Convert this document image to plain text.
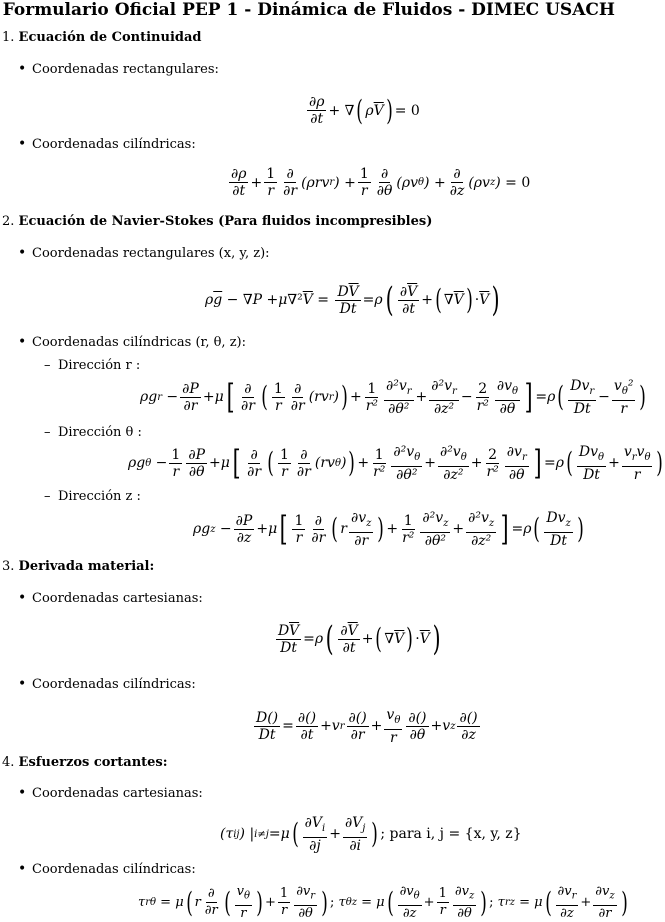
Formulario Oficial PEP 1 - Dinámica de Fluidos - DIMEC USACH
1. Ecuación de Continuidad
• Coordenadas rectangulares:
∂ρ
∂t
+ ∇ ( ρ $\overline{V}$ ) = 0
• Coordenadas cilíndricas:
∂ρ
∂t
+ $\frac{1}{r}$ ∂
∂r
(ρrv r ) + $\frac{1}{r}$ ∂
∂θ
(ρv θ ) +
∂
∂z
(ρv z ) = 0
2. Ecuación de Navier-Stokes (Para fluidos incompresibles)
• Coordenadas rectangulares (x, y, z):
ρ $\overline{g}$ − ∇ P + μ ∇² $\overline{V} = \frac{D\overline{V}}{Dt} = \rho$ ( $\partial\overline{V}$
∂t
+ ( ∇ $\overline{V}$ ) · $\overline{V}$ )
• Coordenadas cilíndricas (r, θ, z):
– Dirección r :
ρg $r - \frac{\partial P}{\partial r} + \mu$ [ ∂
∂r ( 1
r
∂
∂r
(rv r ) ) + $\frac{1}{\text{r²}} \partial^2v_r$
∂θ²
+ $\frac{\partial^2v_r}{\text{∂z²}} - \frac{2}{\text{r²}} \partial v_\theta$
∂θ ] = ρ ( $Dv_r$
Dt
− $\frac{v_\theta^2}{r}$ )
– Dirección θ :
ρg $\theta - \frac{1}{r} \partial P$
∂θ
+ μ [ ∂
∂r ( 1
r
∂
∂r
(rv θ ) ) + $\frac{1}{\text{r²}} \partial^2v_\theta$
∂θ²
+ $\frac{\partial^2v_\theta}{\text{∂z²}} + \frac{2}{\text{r²}} \partial v_r$
∂θ ] = ρ ( $Dv_\theta$
Dt
+
$v_rv_\theta$
r )
– Dirección z :
ρg $z - \frac{\partial P}{\partial z} + \mu$ [ 1
r
∂
∂r ( r
$\partial v_z$
∂r ) + $\frac{1}{\text{r²}} \partial^2v_z$
∂θ²
+ $\frac{\partial^2v_z}{\text{∂z²}}$ ] = ρ ( $Dv_z$
Dt )
3. Derivada material:
• Coordenadas cartesianas:
$\frac{D\overline{V}}{Dt} = \rho$ ( $\partial\overline{V}$
∂t
+ ( ∇ $\overline{V}$ ) · $\overline{V}$ )
• Coordenadas cilíndricas:
$\frac{D()}{Dt}$ =
∂()
∂t
+ v r
∂()
∂r
+ $\frac{v_\theta}{r}$ ∂()
∂θ
+ v z
∂()
∂z
4. Esfuerzos cortantes:
• Coordenadas cartesianas:
(τ ij ) | i≠j = μ ( $\partial V_i$
∂j
+ $\frac{\partial V_j}{\partial i}$ ) ; para i, j = {x, y, z}
• Coordenadas cilíndricas:
τ rθ = μ ( r
∂
∂r ( $v_\theta$
r ) + $\frac{1}{r} \partial v_r$
∂θ ) ; τ θz = μ ( $\partial v_\theta$
∂z
+ $\frac{1}{r} \partial v_z$
∂θ ) ; τ rz = μ ( $\partial v_r$
∂z
+ $\frac{\partial v_z}{\partial r}$ )
